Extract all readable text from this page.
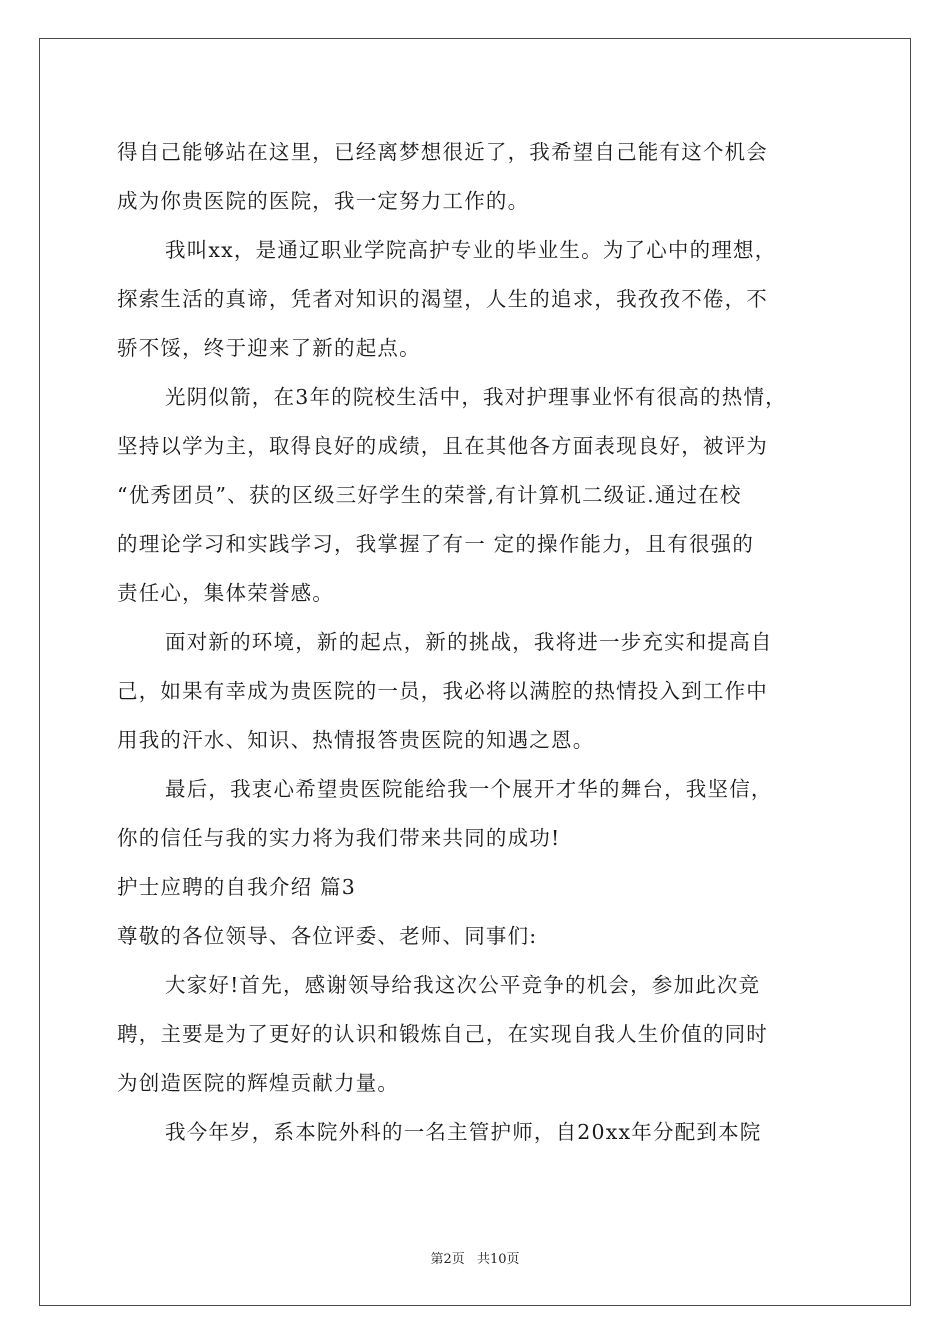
得自己能够站在这里，已经离梦想很近了，我希望自己能有这个机会
成为你贵医院的医院，我一定努力工作的。
我叫xx，是通辽职业学院高护专业的毕业生。为了心中的理想，
探索生活的真谛，凭者对知识的渴望，人生的追求，我孜孜不倦，不
骄不馁，终于迎来了新的起点。
光阴似箭，在3年的院校生活中，我对护理事业怀有很高的热情，
坚持以学为主，取得良好的成绩，且在其他各方面表现良好，被评为
“优秀团员”、获的区级三好学生的荣誉,有计算机二级证.通过在校
的理论学习和实践学习，我掌握了有一 定的操作能力，且有很强的
责任心，集体荣誉感。
面对新的环境，新的起点，新的挑战，我将进一步充实和提高自
己，如果有幸成为贵医院的一员，我必将以满腔的热情投入到工作中
用我的汗水、知识、热情报答贵医院的知遇之恩。
最后，我衷心希望贵医院能给我一个展开才华的舞台，我坚信，
你的信任与我的实力将为我们带来共同的成功!
护士应聘的自我介绍 篇3
尊敬的各位领导、各位评委、老师、同事们:
大家好!首先，感谢领导给我这次公平竞争的机会，参加此次竞
聘，主要是为了更好的认识和锻炼自己，在实现自我人生价值的同时
为创造医院的辉煌贡献力量。
我今年岁，系本院外科的一名主管护师，自20xx年分配到本院
第2页 共10页
